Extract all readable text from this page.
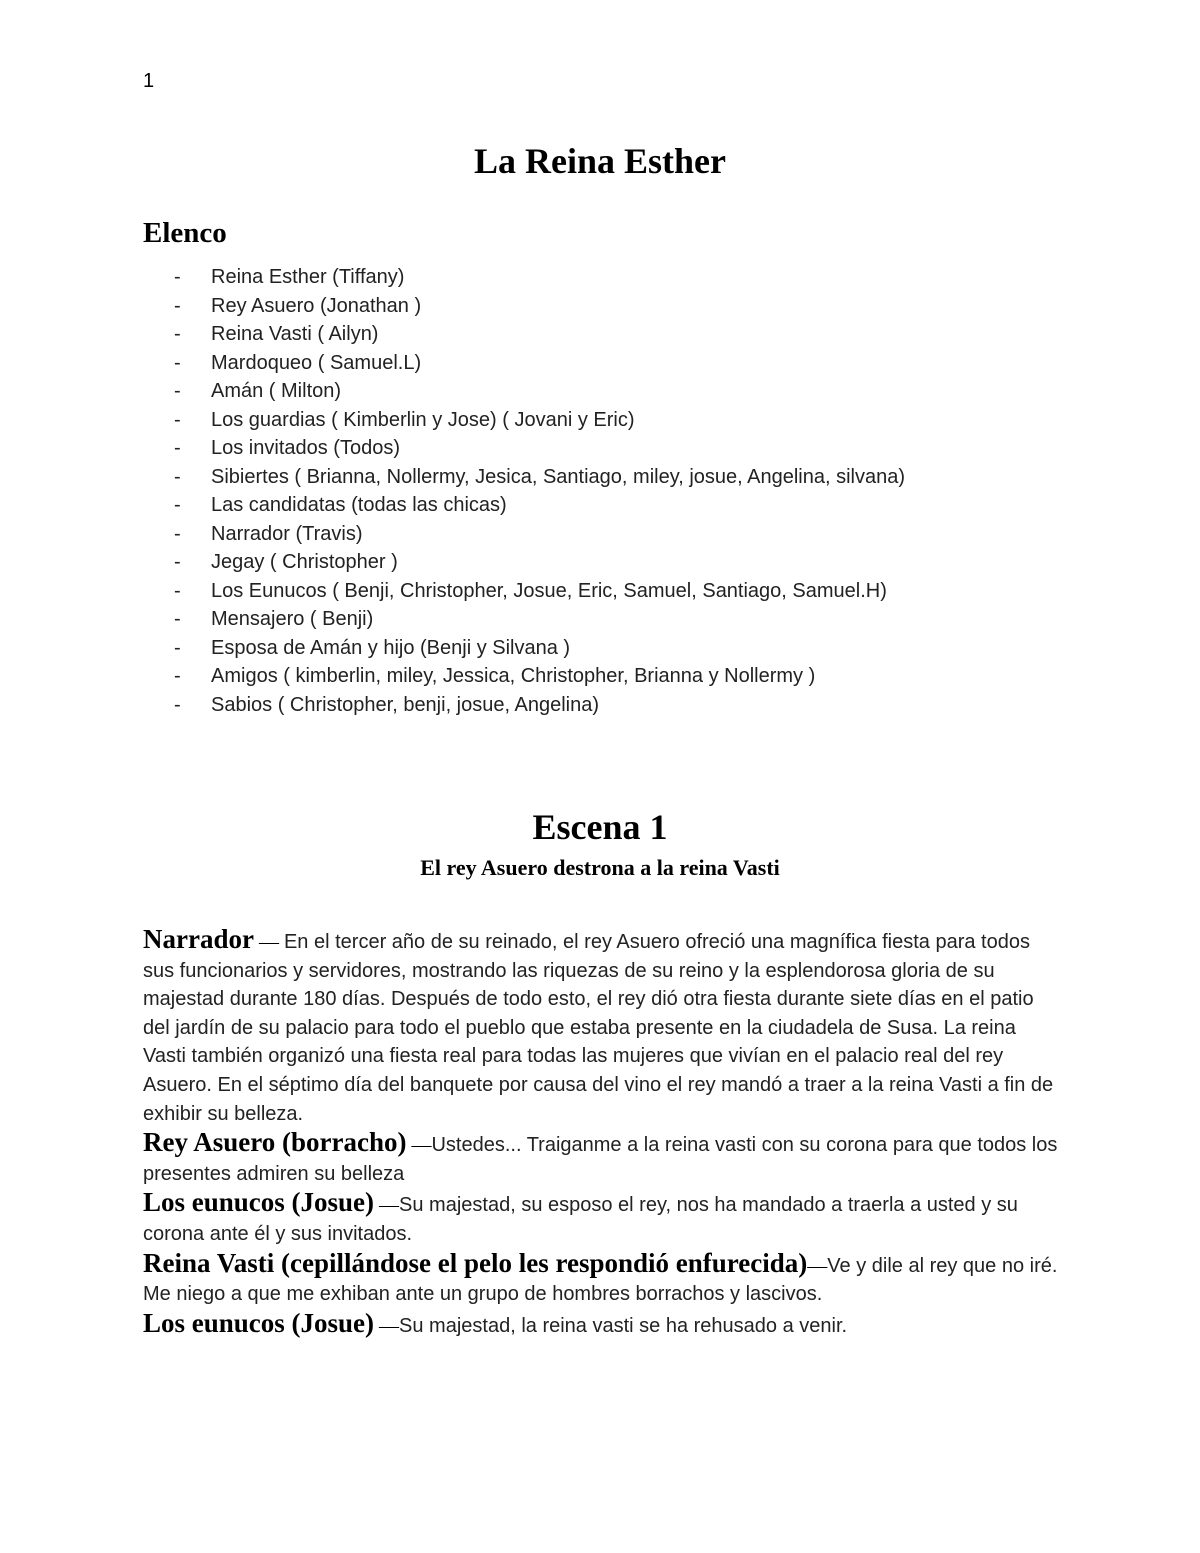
1
La Reina Esther
Elenco
- Reina Esther (Tiffany)
- Rey Asuero (Jonathan )
- Reina Vasti ( Ailyn)
- Mardoqueo ( Samuel.L)
- Amán ( Milton)
- Los guardias ( Kimberlin y Jose) ( Jovani y Eric)
- Los invitados (Todos)
- Sibiertes ( Brianna, Nollermy, Jesica, Santiago, miley, josue, Angelina, silvana)
- Las candidatas (todas las chicas)
- Narrador (Travis)
- Jegay ( Christopher )
- Los Eunucos ( Benji, Christopher, Josue, Eric, Samuel, Santiago, Samuel.H)
- Mensajero ( Benji)
- Esposa de Amán y hijo (Benji y Silvana )
- Amigos ( kimberlin, miley, Jessica, Christopher, Brianna y Nollermy )
- Sabios ( Christopher, benji, josue, Angelina)
Escena 1
El rey Asuero destrona a la reina Vasti

Narrador — En el tercer año de su reinado, el rey Asuero ofreció una magnífica fiesta para todos sus funcionarios y servidores, mostrando las riquezas de su reino y la esplendorosa gloria de su majestad durante 180 días. Después de todo esto, el rey dió otra fiesta durante siete días en el patio del jardín de su palacio para todo el pueblo que estaba presente en la ciudadela de Susa. La reina Vasti también organizó una fiesta real para todas las mujeres que vivían en el palacio real del rey Asuero. En el séptimo día del banquete por causa del vino el rey mandó a traer a la reina Vasti a fin de exhibir su belleza.

Rey Asuero (borracho) —Ustedes... Traiganme a la reina vasti con su corona para que todos los presentes admiren su belleza

Los eunucos (Josue) —Su majestad, su esposo el rey, nos ha mandado a traerla a usted y su corona ante él y sus invitados.

Reina Vasti (cepillándose el pelo les respondió enfurecida)—Ve y dile al rey que no iré. Me niego a que me exhiban ante un grupo de hombres borrachos y lascivos.

Los eunucos (Josue) —Su majestad, la reina vasti se ha rehusado a venir.
